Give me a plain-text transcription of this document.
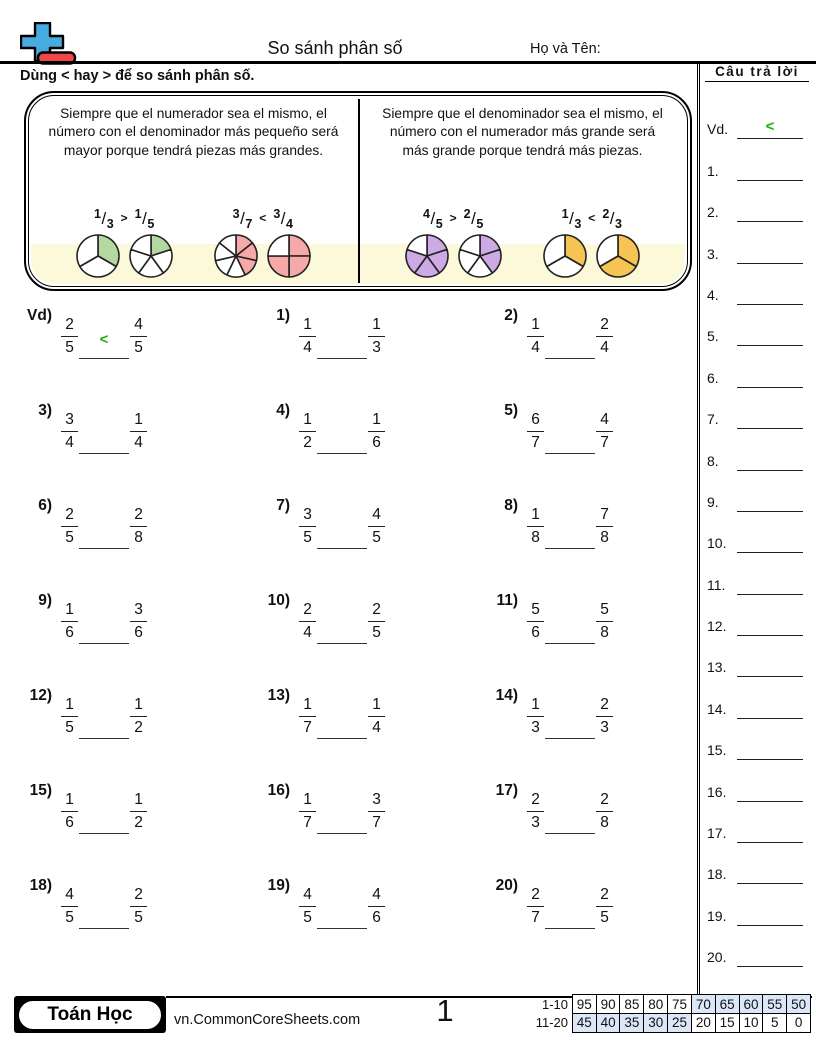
So sánh phân số	Họ và Tên:
Dùng < hay > để so sánh phân số.
Siempre que el numerador sea el mismo, el número con el denominador más pequeño será mayor porque tendrá piezas más grandes.
1/3 > 1/5
3/7 < 3/4
Siempre que el denominador sea el mismo, el número con el numerador más grande será más grande porque tendrá más piezas.
4/5 > 2/5
1/3 < 2/3
Vd)
$\frac{2}{5}$	<	$\frac{4}{5}$
1)
$\frac{1}{4}$	$\frac{1}{3}$
2)
$\frac{1}{4}$	$\frac{2}{4}$
3)
$\frac{3}{4}$	$\frac{1}{4}$
4)
$\frac{1}{2}$	$\frac{1}{6}$
5)
$\frac{6}{7}$	$\frac{4}{7}$
6)
$\frac{2}{5}$	$\frac{2}{8}$
7)
$\frac{3}{5}$	$\frac{4}{5}$
8)
$\frac{1}{8}$	$\frac{7}{8}$
9)
$\frac{1}{6}$	$\frac{3}{6}$
10)
$\frac{2}{4}$	$\frac{2}{5}$
11)
$\frac{5}{6}$	$\frac{5}{8}$
12)
$\frac{1}{5}$	$\frac{1}{2}$
13)
$\frac{1}{7}$	$\frac{1}{4}$
14)
$\frac{1}{3}$	$\frac{2}{3}$
15)
$\frac{1}{6}$	$\frac{1}{2}$
16)
$\frac{1}{7}$	$\frac{3}{7}$
17)
$\frac{2}{3}$	$\frac{2}{8}$
18)
$\frac{4}{5}$	$\frac{2}{5}$
19)
$\frac{4}{5}$	$\frac{4}{6}$
20)
$\frac{2}{7}$	$\frac{2}{5}$
Câu trả lời
Vd.	<
1.
2.
3.
4.
5.
6.
7.
8.
9.
10.
11.
12.
13.
14.
15.
16.
17.
18.
19.
20.
Toán Học	vn.CommonCoreSheets.com	1	1-10 95 90 85 80 75 70 65 60 55 50
11-20 45 40 35 30 25 20 15 10 5	0
